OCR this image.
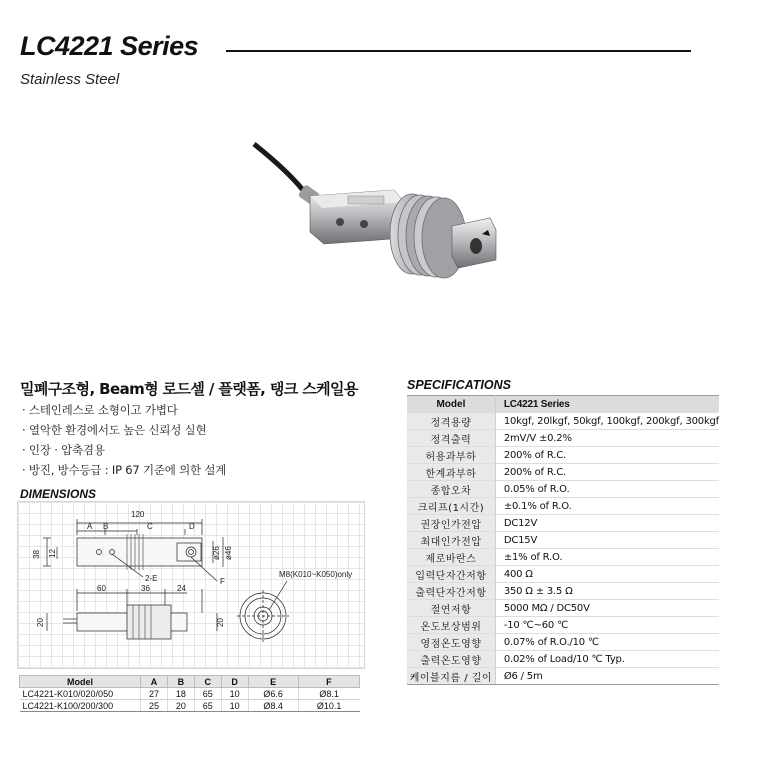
LC4221 Series
Stainless Steel
밀폐구조형, Beam형 로드셀 / 플랫폼, 탱크 스케일용
· 스테인레스로 소형이고 가볍다
· 열악한 환경에서도 높은 신뢰성 실현
· 인장 · 압축겸용
· 방진, 방수등급 : IP 67 기준에 의한 설계
DIMENSIONS
120
A B	C	D
38 12	ø26 ø46
2-E	F
60	36	24
20	20
M8(K010~K050)only
Model	A	B	C	D	E	F
LC4221-K010/020/050	27	18	65	10	Ø6.6	Ø8.1
LC4221-K100/200/300	25	20	65	10	Ø8.4	Ø10.1
SPECIFICATIONS
Model	LC4221 Series
정격용량	10kgf, 20lkgf, 50kgf, 100kgf, 200kgf, 300kgf
정격출력	2mV/V ±0.2%
허용과부하	200% of R.C.
한계과부하	200% of R.C.
종합오차	0.05% of R.O.
크리프(1시간)	±0.1% of R.O.
권장인가전압	DC12V
최대인가전압	DC15V
제로바란스	±1% of R.O.
입력단자간저항	400 Ω
출력단자간저항	350 Ω ± 3.5 Ω
절연저항	5000 MΩ / DC50V
온도보상범위	-10 ℃~60 ℃
영점온도영향	0.07% of R.O./10 ℃
출력온도영향	0.02% of Load/10 ℃ Typ.
케이블지름 / 길이	Ø6 / 5m
